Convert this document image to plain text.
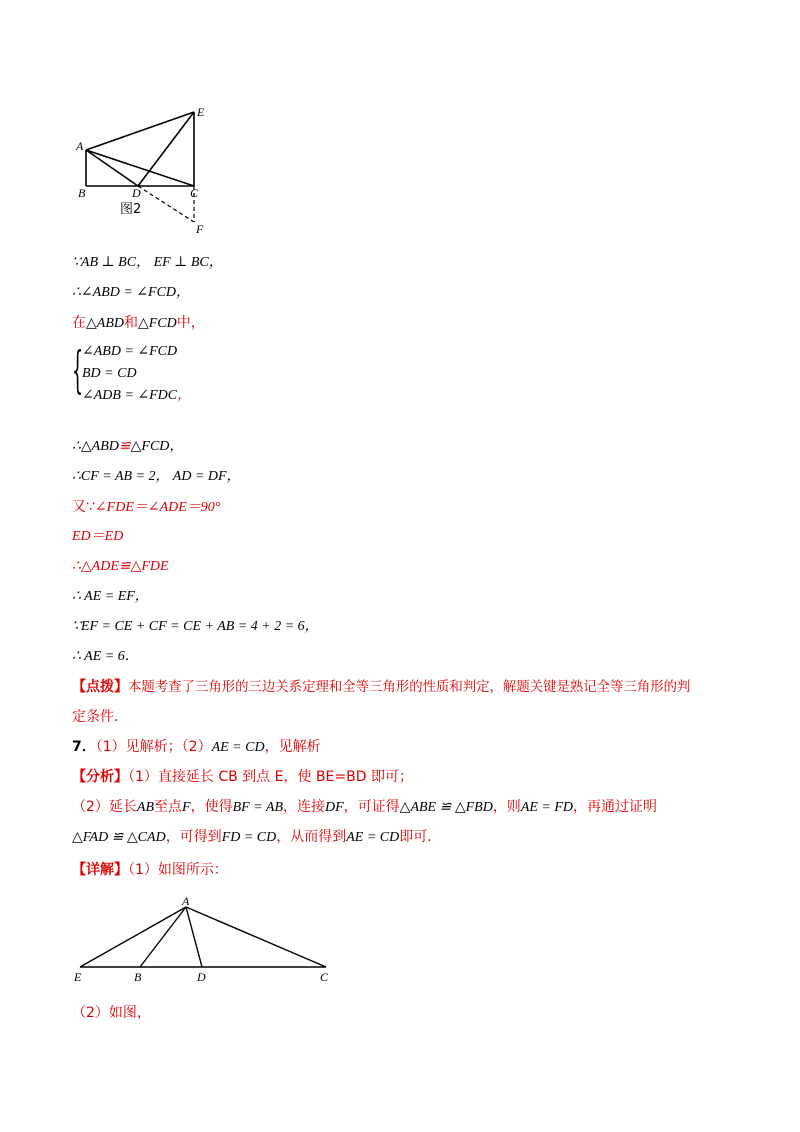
A
B	D	C
E
F
图2
∵AB ⊥ BC， EF ⊥ BC，
∴∠ABD = ∠FCD，
在△ABD和△FCD中，
{
∠ABD = ∠FCD
BD = CD
∠ADB = ∠FDC，
∴△ABD≌△FCD，
∴CF = AB = 2， AD = DF，
又∵∠FDE＝∠ADE＝90°
ED＝ED
∴△ADE≌△FDE
∴ AE = EF，
∵EF = CE + CF = CE + AB = 4 + 2 = 6，
∴ AE = 6．
【点拨】本题考查了三角形的三边关系定理和全等三角形的性质和判定，解题关键是熟记全等三角形的判
定条件．
7．（1）见解析；（2）AE = CD，见解析
【分析】（1）直接延长 CB 到点 E，使 BE=BD 即可；
（2）延长AB至点F，使得BF = AB，连接DF，可证得△ABE ≌ △FBD，则AE = FD，再通过证明
△FAD ≌ △CAD，可得到FD = CD，从而得到AE = CD即可．
【详解】（1）如图所示：
A
E	B	D	C
（2）如图，
